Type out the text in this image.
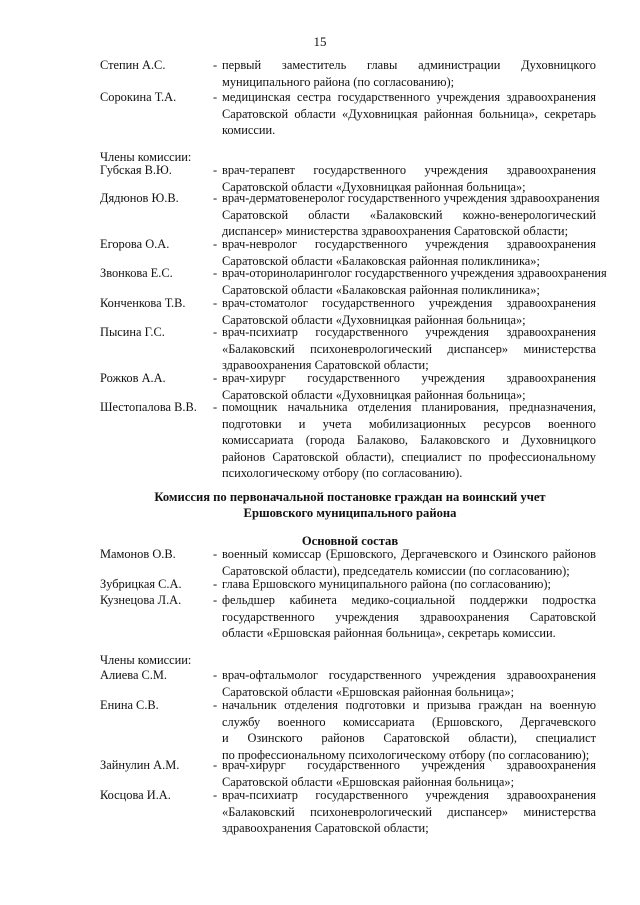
15
Степин А.С.	- первый заместитель главы администрации Духовницкого
муниципального района (по согласованию);
Сорокина Т.А.	- медицинская сестра государственного учреждения здравоохранения
Саратовской области «Духовницкая районная больница», секретарь
комиссии.
Члены комиссии:
Губская В.Ю.	- врач-терапевт государственного учреждения здравоохранения
Саратовской области «Духовницкая районная больница»;
Дядюнов Ю.В.	- врач-дерматовенеролог государственного учреждения здравоохранения
Саратовской области «Балаковский кожно-венерологический
диспансер» министерства здравоохранения Саратовской области;
Егорова О.А.	- врач-невролог государственного учреждения здравоохранения
Саратовской области «Балаковская районная поликлиника»;
Звонкова Е.С.	- врач-оториноларинголог государственного учреждения здравоохранения
Саратовской области «Балаковская районная поликлиника»;
Конченкова Т.В.	- врач-стоматолог государственного учреждения здравоохранения
Саратовской области «Духовницкая районная больница»;
Пысина Г.С.	- врач-психиатр государственного учреждения здравоохранения
«Балаковский психоневрологический диспансер» министерства
здравоохранения Саратовской области;
Рожков А.А.	- врач-хирург государственного учреждения здравоохранения
Саратовской области «Духовницкая районная больница»;
Шестопалова В.В.	- помощник начальника отделения планирования, предназначения,
подготовки и учета мобилизационных ресурсов военного
комиссариата (города Балаково, Балаковского и Духовницкого
районов Саратовской области), специалист по профессиональному
психологическому отбору (по согласованию).
Комиссия по первоначальной постановке граждан на воинский учет
Ершовского муниципального района
Основной состав
Мамонов О.В.	- военный комиссар (Ершовского, Дергачевского и Озинского районов
Саратовской области), председатель комиссии (по согласованию);
Зубрицкая С.А.	- глава Ершовского муниципального района (по согласованию);
Кузнецова Л.А.	- фельдшер кабинета медико-социальной поддержки подростка
государственного учреждения здравоохранения Саратовской
области «Ершовская районная больница», секретарь комиссии.
Члены комиссии:
Алиева С.М.	- врач-офтальмолог государственного учреждения здравоохранения
Саратовской области «Ершовская районная больница»;
Енина С.В.	- начальник отделения подготовки и призыва граждан на военную
службу военного комиссариата (Ершовского, Дергачевского
и Озинского районов Саратовской области), специалист
по профессиональному психологическому отбору (по согласованию);
Зайнулин А.М.	- врач-хирург государственного учреждения здравоохранения
Саратовской области «Ершовская районная больница»;
Косцова И.А.	- врач-психиатр государственного учреждения здравоохранения
«Балаковский психоневрологический диспансер» министерства
здравоохранения Саратовской области;
